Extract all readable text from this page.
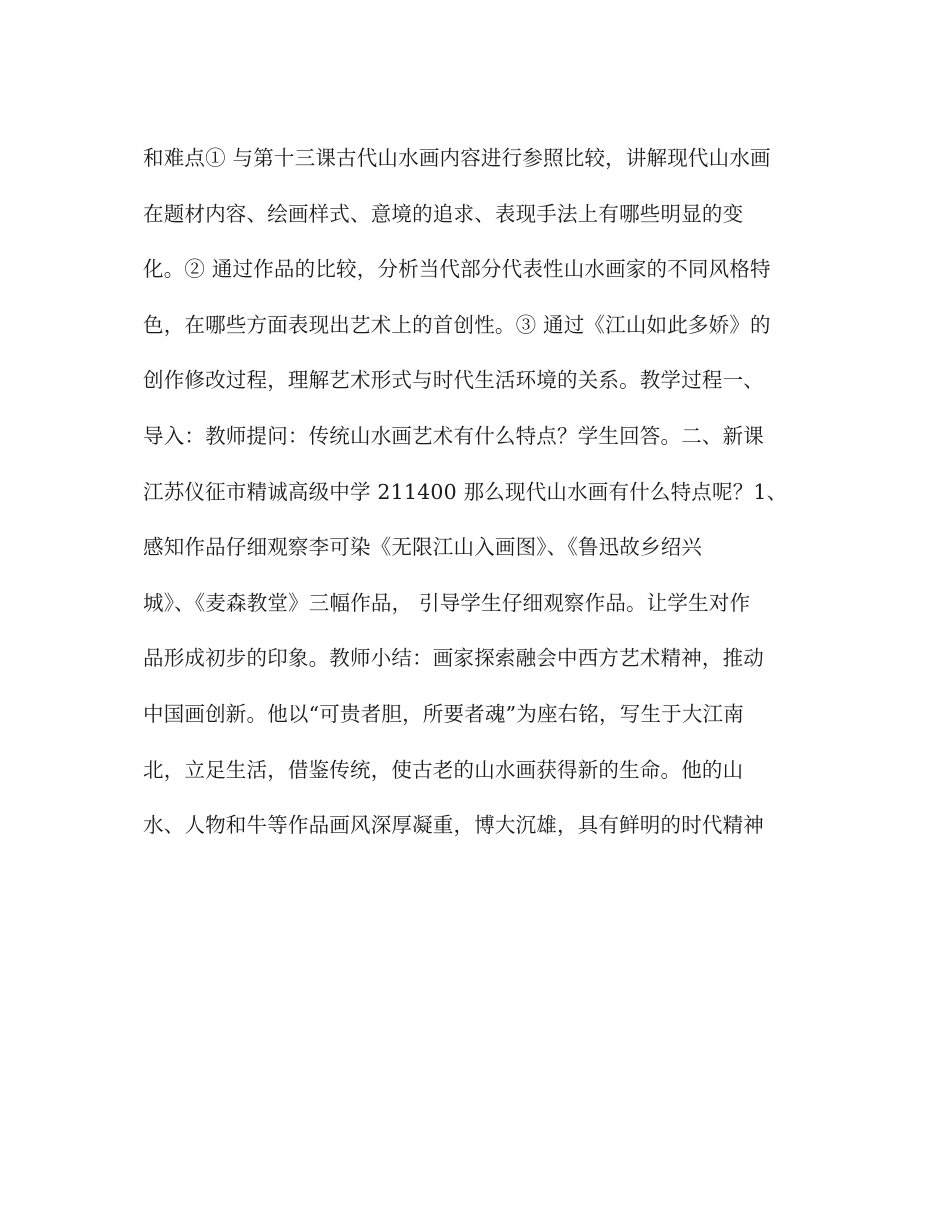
和难点① 与第十三课古代山水画内容进行参照比较，讲解现代山水画
在题材内容、绘画样式、意境的追求、表现手法上有哪些明显的变
化。② 通过作品的比较，分析当代部分代表性山水画家的不同风格特
色，在哪些方面表现出艺术上的首创性。③ 通过《江山如此多娇》的
创作修改过程，理解艺术形式与时代生活环境的关系。教学过程一、
导入：教师提问：传统山水画艺术有什么特点？学生回答。二、新课
江苏仪征市精诚高级中学 211400 那么现代山水画有什么特点呢？1、
感知作品仔细观察李可染《无限江山入画图》、《鲁迅故乡绍兴
城》、《麦森教堂》三幅作品， 引导学生仔细观察作品。让学生对作
品形成初步的印象。教师小结：画家探索融会中西方艺术精神，推动
中国画创新。他以“可贵者胆，所要者魂”为座右铭，写生于大江南
北，立足生活，借鉴传统，使古老的山水画获得新的生命。他的山
水、人物和牛等作品画风深厚凝重，博大沉雄，具有鲜明的时代精神
